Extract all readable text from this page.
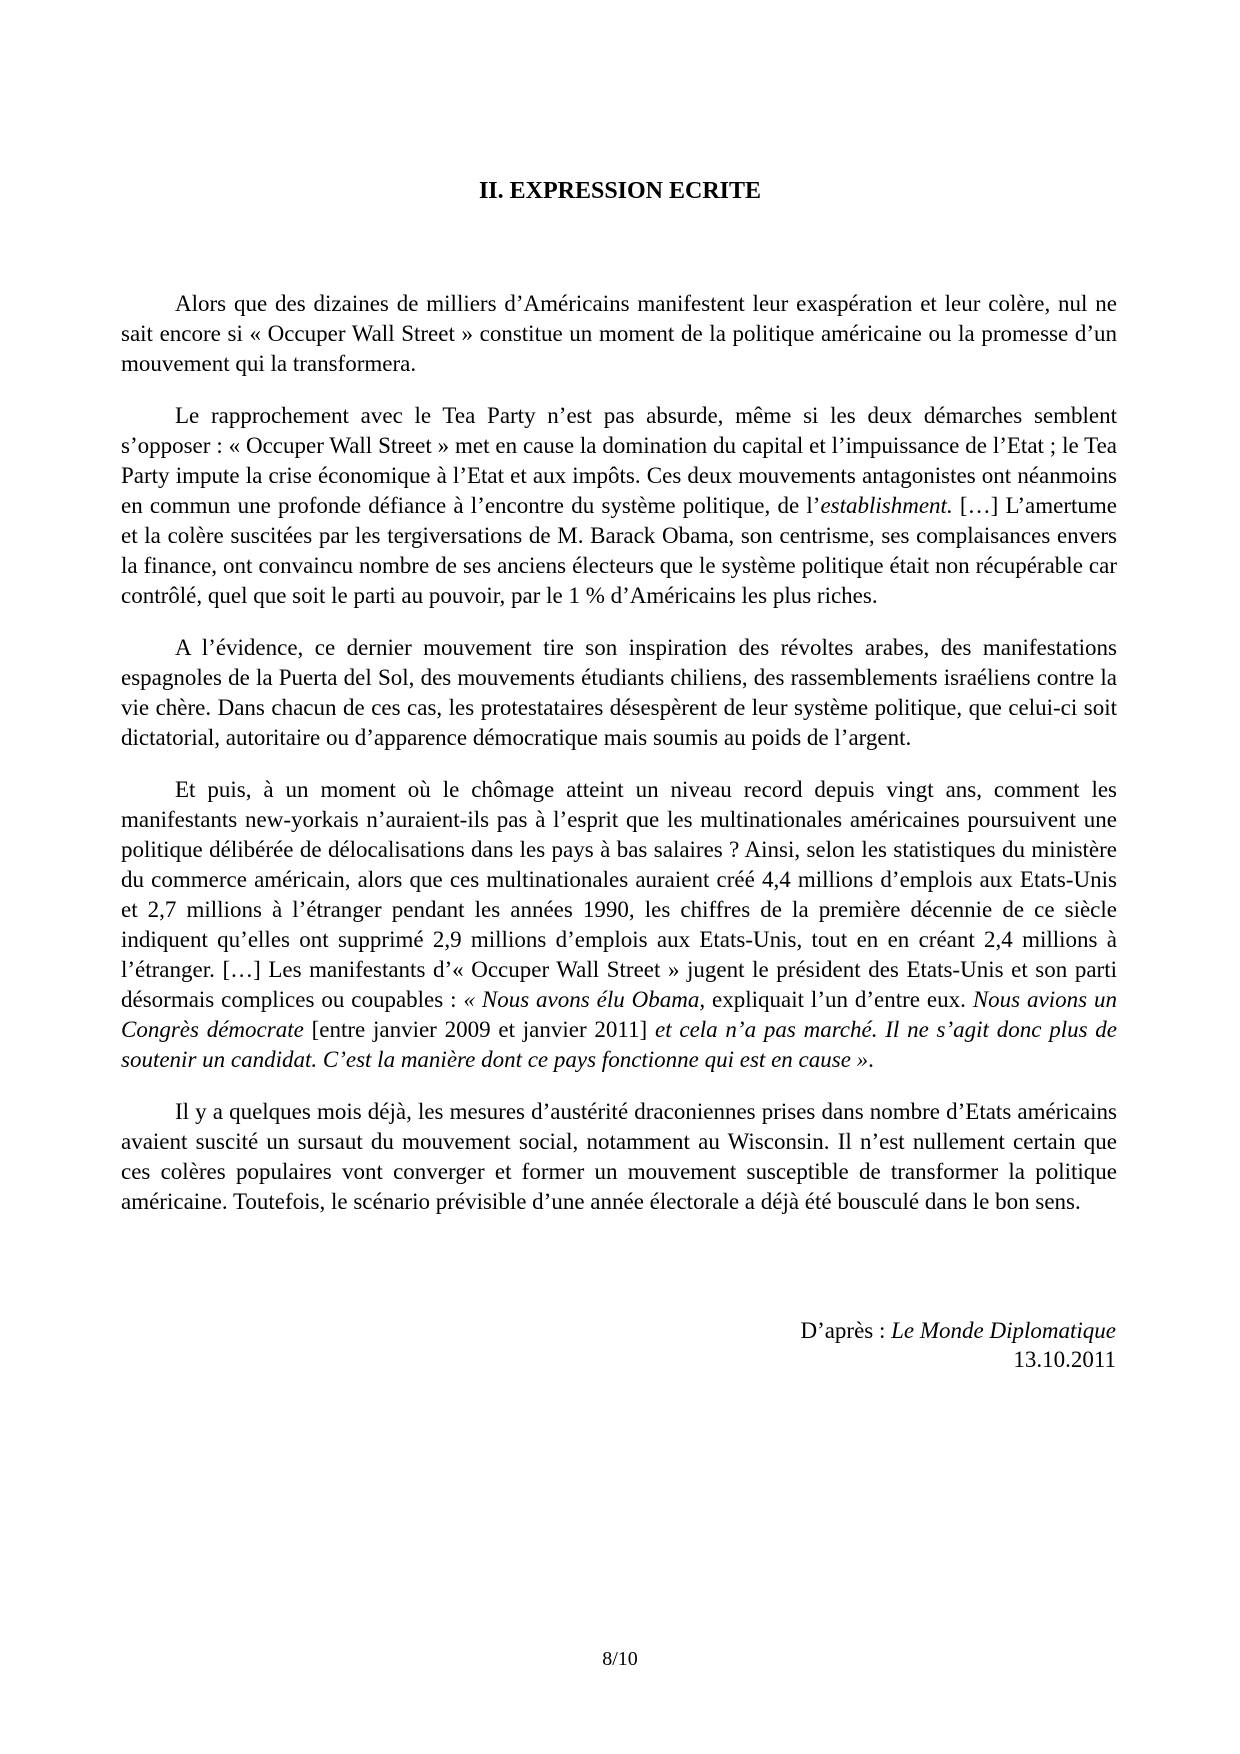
II. EXPRESSION ECRITE

Alors que des dizaines de milliers d’Américains manifestent leur exaspération et leur colère, nul ne sait encore si « Occuper Wall Street » constitue un moment de la politique américaine ou la promesse d’un mouvement qui la transformera.

Le rapprochement avec le Tea Party n’est pas absurde, même si les deux démarches semblent s’opposer : « Occuper Wall Street » met en cause la domination du capital et l’impuissance de l’Etat ; le Tea Party impute la crise économique à l’Etat et aux impôts. Ces deux mouvements antagonistes ont néanmoins en commun une profonde défiance à l’encontre du système politique, de l’establishment. […] L’amertume et la colère suscitées par les tergiversations de M. Barack Obama, son centrisme, ses complaisances envers la finance, ont convaincu nombre de ses anciens électeurs que le système politique était non récupérable car contrôlé, quel que soit le parti au pouvoir, par le 1 % d’Américains les plus riches.

A l’évidence, ce dernier mouvement tire son inspiration des révoltes arabes, des manifestations espagnoles de la Puerta del Sol, des mouvements étudiants chiliens, des rassemblements israéliens contre la vie chère. Dans chacun de ces cas, les protestataires désespèrent de leur système politique, que celui-ci soit dictatorial, autoritaire ou d’apparence démocratique mais soumis au poids de l’argent.

Et puis, à un moment où le chômage atteint un niveau record depuis vingt ans, comment les manifestants new-yorkais n’auraient-ils pas à l’esprit que les multinationales américaines poursuivent une politique délibérée de délocalisations dans les pays à bas salaires ? Ainsi, selon les statistiques du ministère du commerce américain, alors que ces multinationales auraient créé 4,4 millions d’emplois aux Etats-Unis et 2,7 millions à l’étranger pendant les années 1990, les chiffres de la première décennie de ce siècle indiquent qu’elles ont supprimé 2,9 millions d’emplois aux Etats-Unis, tout en en créant 2,4 millions à l’étranger. […] Les manifestants d’« Occuper Wall Street » jugent le président des Etats-Unis et son parti désormais complices ou coupables : « Nous avons élu Obama, expliquait l’un d’entre eux. Nous avions un Congrès démocrate [entre janvier 2009 et janvier 2011] et cela n’a pas marché. Il ne s’agit donc plus de soutenir un candidat. C’est la manière dont ce pays fonctionne qui est en cause ».

Il y a quelques mois déjà, les mesures d’austérité draconiennes prises dans nombre d’Etats américains avaient suscité un sursaut du mouvement social, notamment au Wisconsin. Il n’est nullement certain que ces colères populaires vont converger et former un mouvement susceptible de transformer la politique américaine. Toutefois, le scénario prévisible d’une année électorale a déjà été bousculé dans le bon sens.

D’après : Le Monde Diplomatique
13.10.2011
8/10
